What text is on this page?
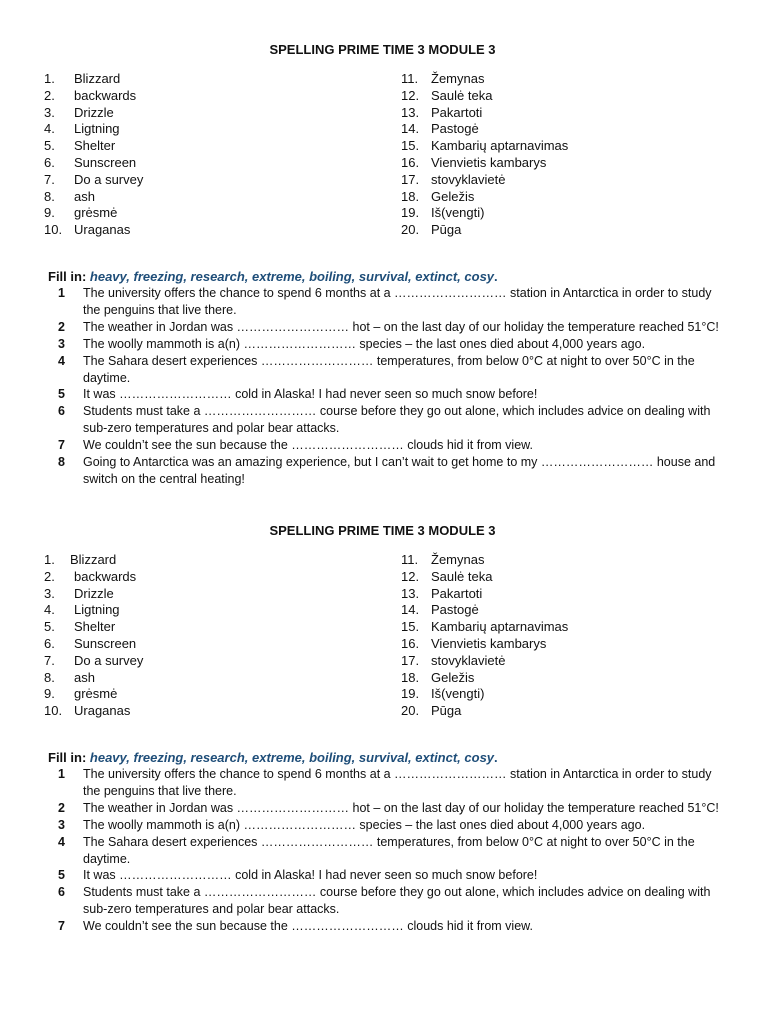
SPELLING PRIME TIME 3 MODULE 3
1.	Blizzard
2.	backwards
3.	Drizzle
4.	Ligtning
5.	Shelter
6.	Sunscreen
7.	Do a survey
8.	ash
9.	grėsmė
10. Uraganas
11. Žemynas
12. Saulė teka
13. Pakartoti
14. Pastogė
15. Kambarių aptarnavimas
16. Vienvietis kambarys
17. stovyklavietė
18. Geležis
19. Iš(vengti)
20. Pūga
Fill in: heavy, freezing, research, extreme, boiling, survival, extinct, cosy.
1 The university offers the chance to spend 6 months at a ……………………… station in Antarctica in order to study the penguins that live there.
2 The weather in Jordan was ……………………… hot – on the last day of our holiday the temperature reached 51°C!
3 The woolly mammoth is a(n) ……………………… species – the last ones died about 4,000 years ago.
4 The Sahara desert experiences ……………………… temperatures, from below 0°C at night to over 50°C in the daytime.
5 It was ……………………… cold in Alaska! I had never seen so much snow before!
6 Students must take a ……………………… course before they go out alone, which includes advice on dealing with sub-zero temperatures and polar bear attacks.
7 We couldn’t see the sun because the ……………………… clouds hid it from view.
8 Going to Antarctica was an amazing experience, but I can’t wait to get home to my ……………………… house and switch on the central heating!
SPELLING PRIME TIME 3 MODULE 3
1.	Blizzard
2.	backwards
3.	Drizzle
4.	Ligtning
5.	Shelter
6.	Sunscreen
7.	Do a survey
8.	ash
9.	grėsmė
10. Uraganas
11. Žemynas
12. Saulė teka
13. Pakartoti
14. Pastogė
15. Kambarių aptarnavimas
16. Vienvietis kambarys
17. stovyklavietė
18. Geležis
19. Iš(vengti)
20. Pūga
Fill in: heavy, freezing, research, extreme, boiling, survival, extinct, cosy.
1 The university offers the chance to spend 6 months at a ……………………… station in Antarctica in order to study the penguins that live there.
2 The weather in Jordan was ……………………… hot – on the last day of our holiday the temperature reached 51°C!
3 The woolly mammoth is a(n) ……………………… species – the last ones died about 4,000 years ago.
4 The Sahara desert experiences ……………………… temperatures, from below 0°C at night to over 50°C in the daytime.
5 It was ……………………… cold in Alaska! I had never seen so much snow before!
6 Students must take a ……………………… course before they go out alone, which includes advice on dealing with sub-zero temperatures and polar bear attacks.
7 We couldn’t see the sun because the ……………………… clouds hid it from view.
